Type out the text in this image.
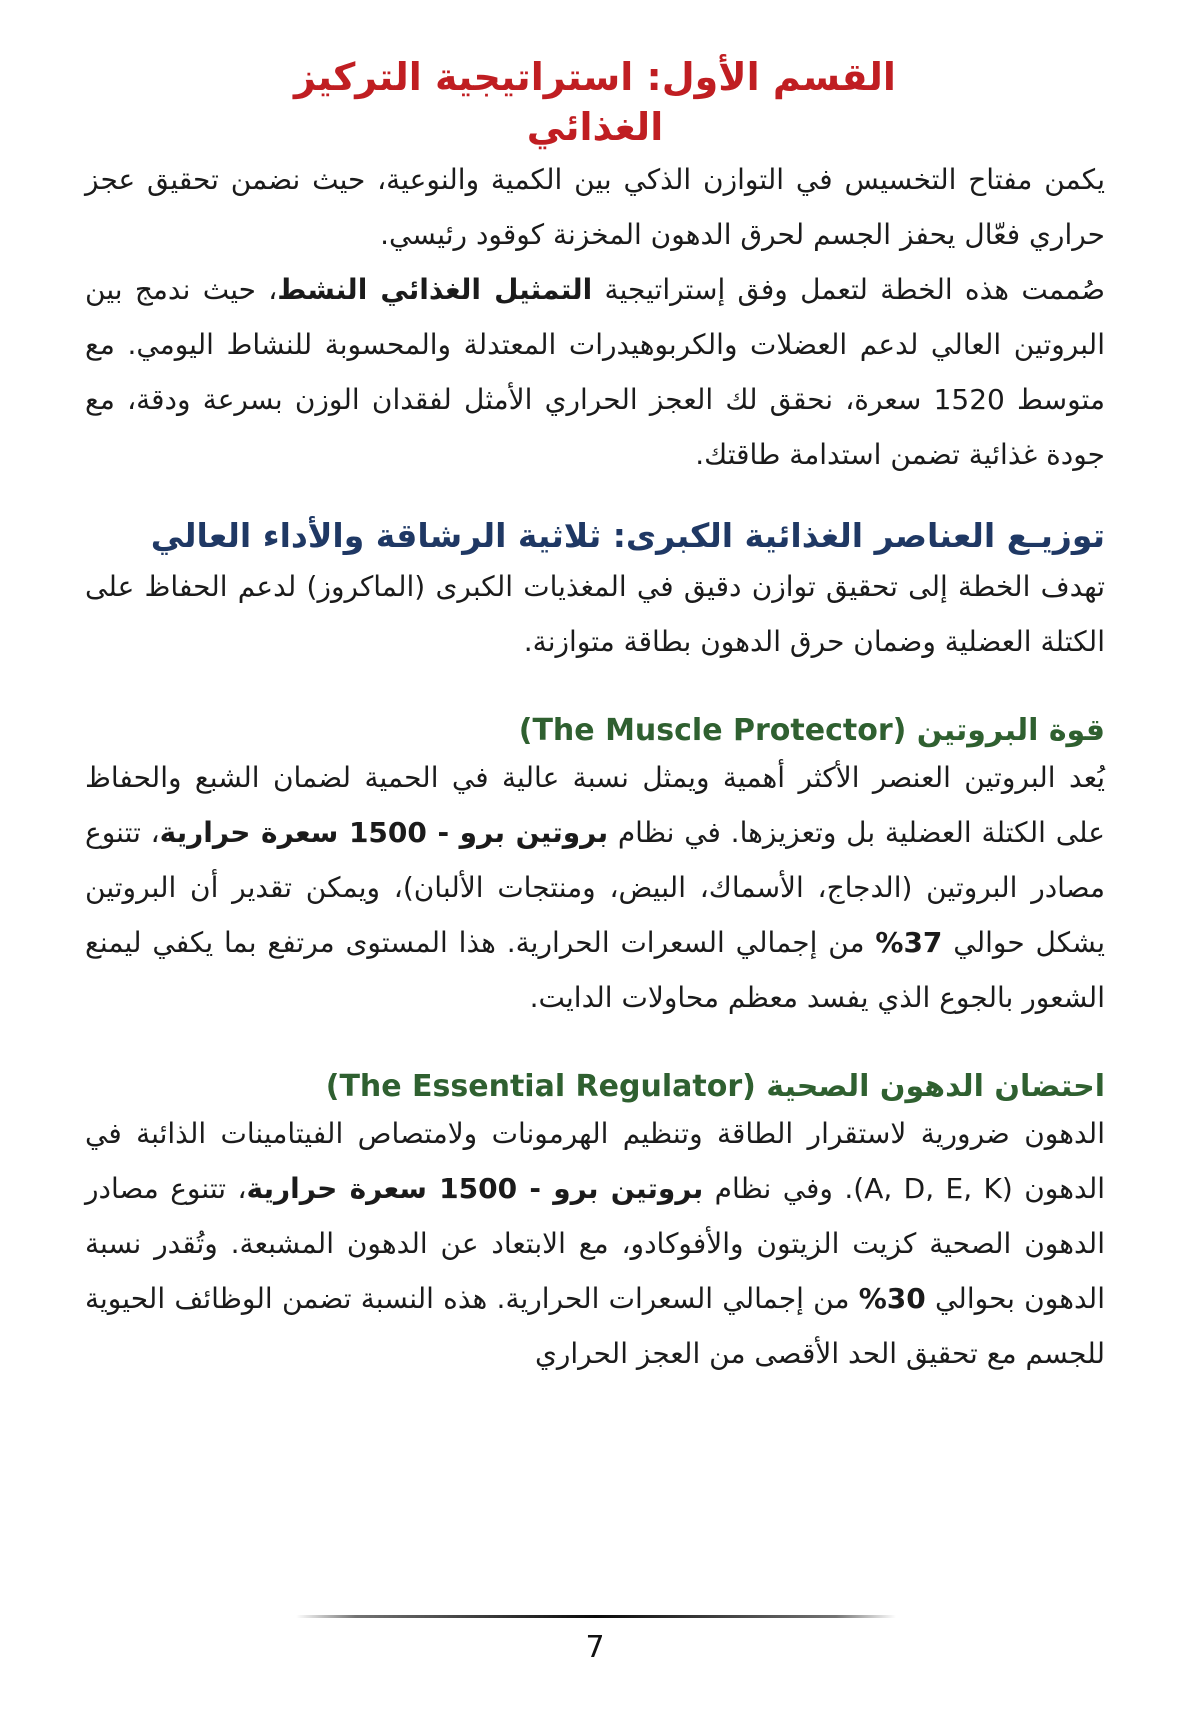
القسم الأول: استراتيجية التركيز الغذائي

يكمن مفتاح التخسيس في التوازن الذكي بين الكمية والنوعية، حيث نضمن تحقيق عجز حراري فعّال يحفز الجسم لحرق الدهون المخزنة كوقود رئيسي.

صُممت هذه الخطة لتعمل وفق إستراتيجية التمثيل الغذائي النشط، حيث ندمج بين البروتين العالي لدعم العضلات والكربوهيدرات المعتدلة والمحسوبة للنشاط اليومي. مع متوسط 1520 سعرة، نحقق لك العجز الحراري الأمثل لفقدان الوزن بسرعة ودقة، مع جودة غذائية تضمن استدامة طاقتك.

توزيـع العناصر الغذائية الكبرى: ثلاثية الرشاقة والأداء العالي

تهدف الخطة إلى تحقيق توازن دقيق في المغذيات الكبرى (الماكروز) لدعم الحفاظ على الكتلة العضلية وضمان حرق الدهون بطاقة متوازنة.

قوة البروتين (The Muscle Protector)

يُعد البروتين العنصر الأكثر أهمية ويمثل نسبة عالية في الحمية لضمان الشبع والحفاظ على الكتلة العضلية بل وتعزيزها. في نظام بروتين برو - 1500 سعرة حرارية، تتنوع مصادر البروتين (الدجاج، الأسماك، البيض، ومنتجات الألبان)، ويمكن تقدير أن البروتين يشكل حوالي 37% من إجمالي السعرات الحرارية. هذا المستوى مرتفع بما يكفي ليمنع الشعور بالجوع الذي يفسد معظم محاولات الدايت.

احتضان الدهون الصحية (The Essential Regulator)

الدهون ضرورية لاستقرار الطاقة وتنظيم الهرمونات ولامتصاص الفيتامينات الذائبة في الدهون (A, D, E, K). وفي نظام بروتين برو - 1500 سعرة حرارية، تتنوع مصادر الدهون الصحية كزيت الزيتون والأفوكادو، مع الابتعاد عن الدهون المشبعة. وتُقدر نسبة الدهون بحوالي 30% من إجمالي السعرات الحرارية. هذه النسبة تضمن الوظائف الحيوية للجسم مع تحقيق الحد الأقصى من العجز الحراري

7
